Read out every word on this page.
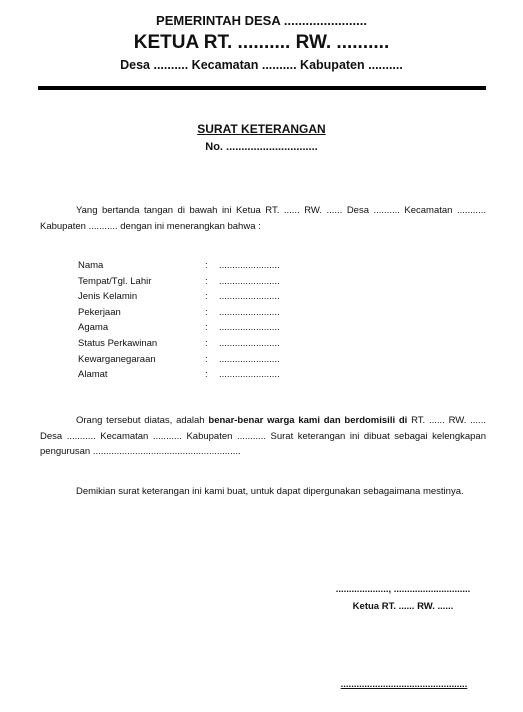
PEMERINTAH DESA .......................
KETUA RT. .......... RW. ..........
Desa .......... Kecamatan .......... Kabupaten ..........
SURAT KETERANGAN
No. ..............................
Yang bertanda tangan di bawah ini Ketua RT. ...... RW. ...... Desa .......... Kecamatan ........... Kabupaten ........... dengan ini menerangkan bahwa :
Nama	:	.......................
Tempat/Tgl. Lahir	:	.......................
Jenis Kelamin	:	.......................
Pekerjaan	:	.......................
Agama	:	.......................
Status Perkawinan	:	.......................
Kewarganegaraan	:	.......................
Alamat	:	.......................
Orang tersebut diatas, adalah benar-benar warga kami dan berdomisili di RT. ...... RW. ...... Desa ........... Kecamatan ........... Kabupaten ........... Surat keterangan ini dibuat sebagai kelengkapan pengurusan ........................................................
Demikian surat keterangan ini kami buat, untuk dapat dipergunakan sebagaimana mestinya.
...................., .............................
Ketua RT. ...... RW. ......
................................................
